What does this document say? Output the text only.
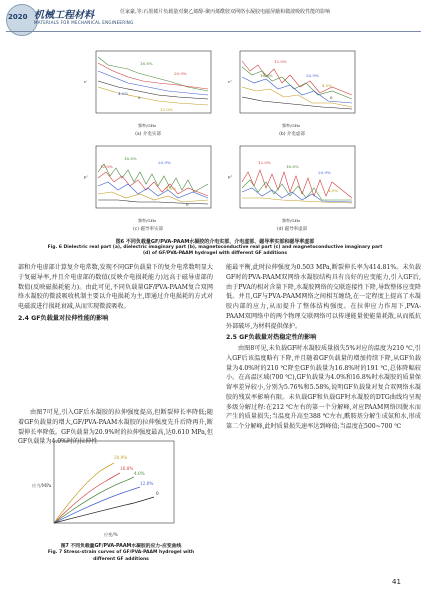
2020 机械工程材料
MATERIALS FOR MECHANICAL ENGINEERING
任家豪,等:石墨烯片负载量对聚乙烯醇-聚丙烯酰胺双网络水凝胶电磁屏蔽和微波吸收性能的影响
16.8%
20.9%
4.0%
0
12.0%
频率/GHz
ε'
(a) 介电实部
12.0%
16.8%	20.9%
4.0%
0
频率/GHz
ε"
(b) 介电虚部
16.8%
12.0%
20.9%
4.0%
0
频率/GHz
μ'
(c) 磁导率实部
12.0%
16.8%
20.9%
4.0%
频率/GHz
μ"
(d) 磁导率虚部
图6 不同负载量GF/PVA-PAAM水凝胶的介电实部、介电虚部、磁导率实部和磁导率虚部
Fig. 6 Dielectric real part (a), dielectric imaginary part (b), magnetoconductive real part (c) and magnetoconductive imaginary part
(d) of GF/PVA-PAAM hydrogel with different GF additions

部和介电虚部计算复介电常数,发现不同GF负载量下的复介电常数明显大于复磁导率,并且介电虚部的数值(反映介电损耗能力)远高于磁导虚部的数值(反映磁损耗能力)。由此可见,不同负载量GF/PVA-PAAM复合双网络水凝胶的微波吸收机制主要以介电损耗为主,即通过介电损耗的方式对电磁波进行损耗衰减,从而实现微波吸收。

2.4 GF负载量对拉伸性能的影响

由图7可见,引入GF后水凝胶的拉伸强度提高,但断裂伸长率降低;随着GF负载量的增大,GF/PVA-PAAM水凝胶的拉伸强度先升后降再升,断裂伸长率降低。GF负载量为20.9%时的拉伸强度最高,达0.610 MPa,但GF负载量为4.0%时的拉伸性

20.9%
16.8%
4.0%
12.0%
0
应变/%
应力/MPa
图7 不同负载量GF/PVA-PAAM水凝胶的应力-应变曲线
Fig. 7 Stress-strain curves of GF/PVA-PAAM hydrogel with
different GF additions

能最平衡,此时拉伸强度为0.503 MPa,断裂伸长率为414.81%。未负载GF时的PVA-PAAM双网络水凝胶结构具有良好的应变能力,引入GF后,由于PVA的相对含量下降,水凝胶网络的交联连接性下降,导致整体应变降低。并且,GF与PVA-PAAM网络之间相互缠绕,在一定程度上提高了水凝胶内部的应力,从而提升了整体结构强度。在拉伸应力作用下,PVA-PAAM双网络中的两个物理交联网络可以传递能量使能量耗散,从而抵抗外部破坏,为材料提供保护。

2.5 GF负载量对热稳定性的影响

由图8可见,未负载GF时水凝胶质量损失5%对应的温度为210 ℃,引入GF后该温度略有下降,并且随着GF负载量的增加持续下降,从GF负载量为4.0%时的210 ℃降至GF负载量为16.8%时的191 ℃,总体降幅较小。在高温区域(700 ℃),GF负载量为4.0%和16.8%时水凝胶的质量保留率差异较小,分别为5.76%和5.58%,说明GF负载量对复合双网络水凝胶的残炭率影响有限。未负载GF和负载GF时水凝胶的DTG曲线均呈现多级分解过程:在212 ℃左右的第一个分解峰,对应PAAM网络因脱水而产生的质量损失;当温度升高至388 ℃左右,酰胺基分解生成氨和水,形成第二个分解峰,此时质量损失速率达到峰值;当温度在500~700 ℃

41
